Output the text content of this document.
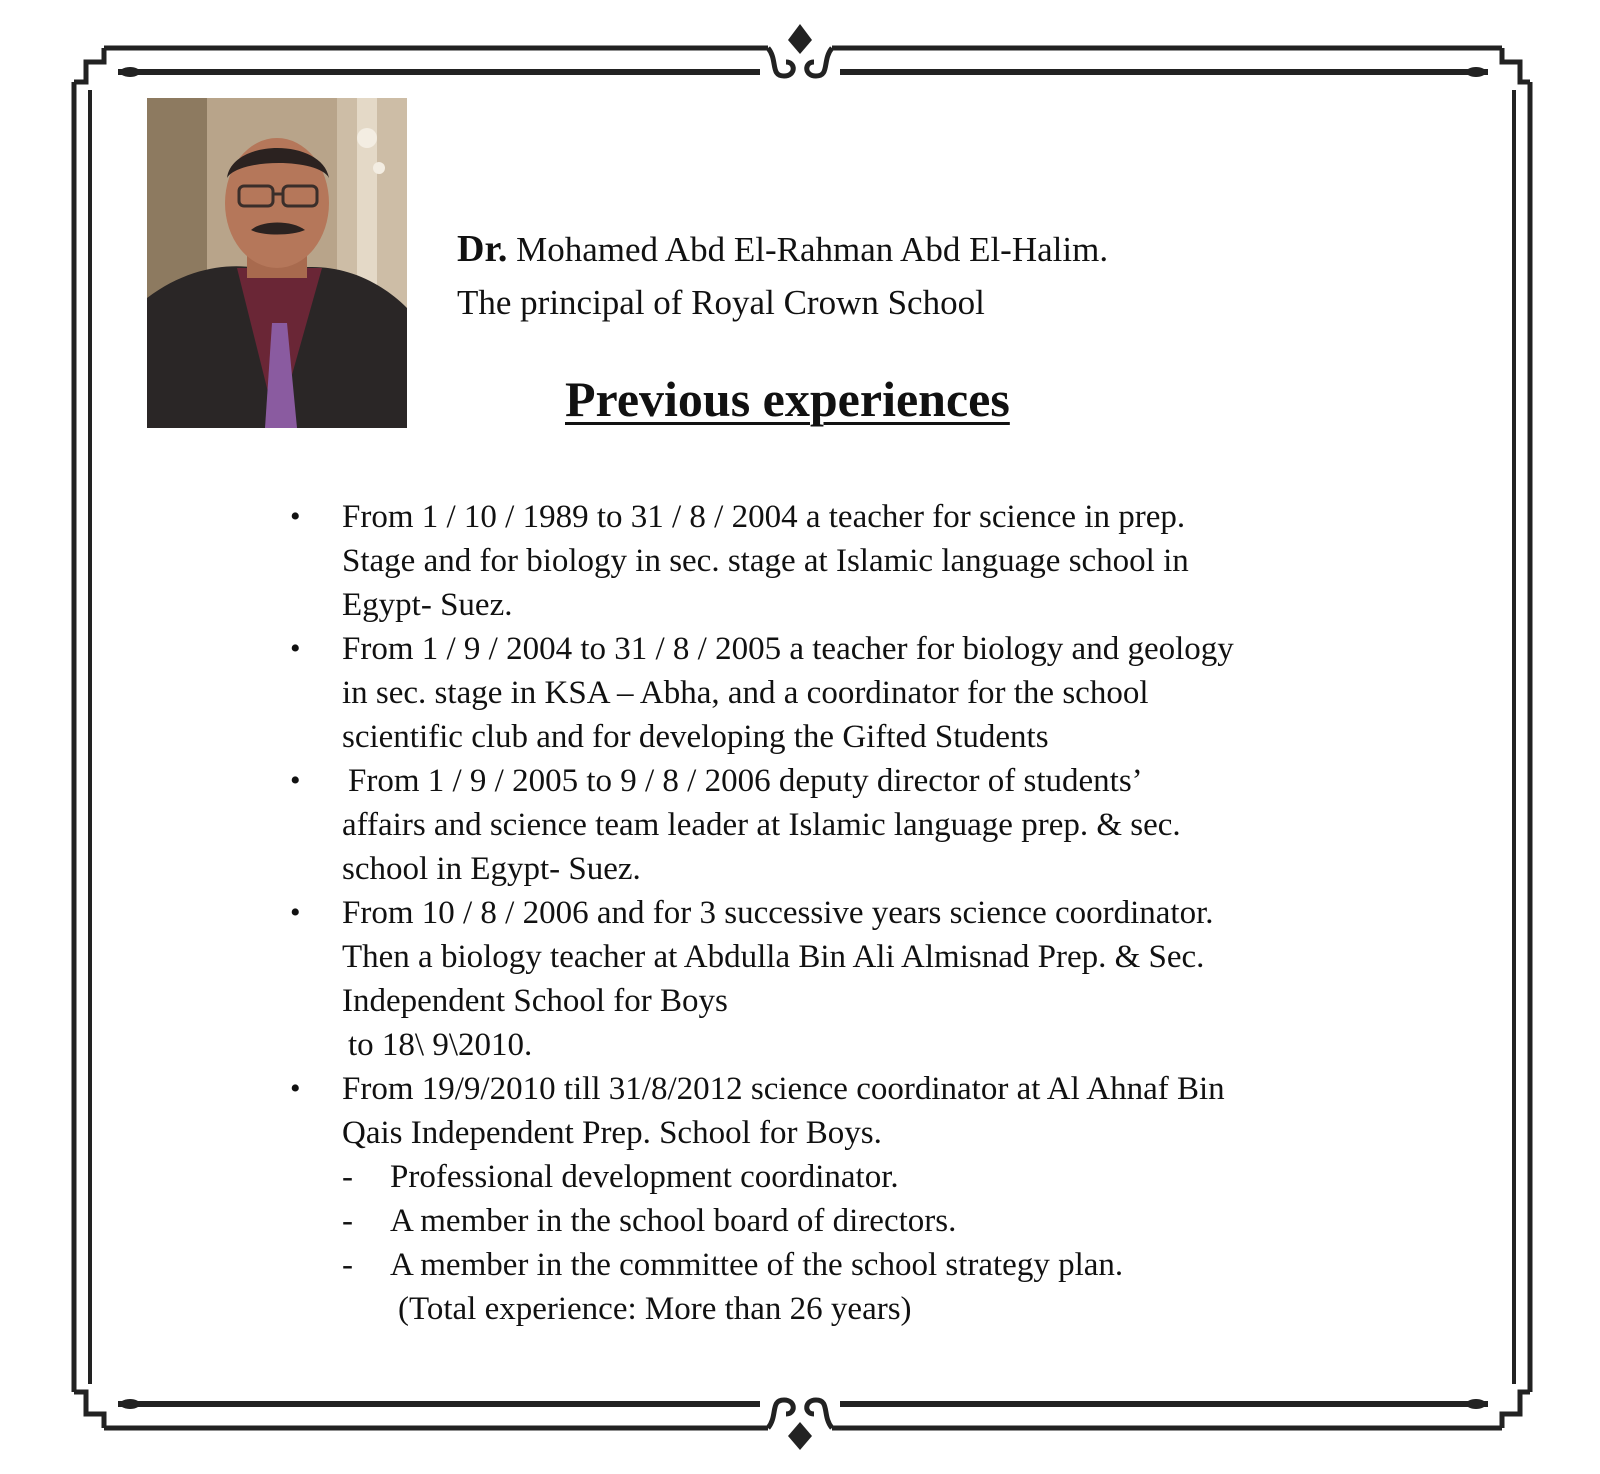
Dr. Mohamed Abd El-Rahman Abd El-Halim.
The principal of Royal Crown School
Previous experiences
• From 1 / 10 / 1989 to 31 / 8 / 2004 a teacher for science in prep.
Stage and for biology in sec. stage at Islamic language school in
Egypt- Suez.
• From 1 / 9 / 2004 to 31 / 8 / 2005 a teacher for biology and geology
in sec. stage in KSA – Abha, and a coordinator for the school
scientific club and for developing the Gifted Students
• From 1 / 9 / 2005 to 9 / 8 / 2006 deputy director of students’
affairs and science team leader at Islamic language prep. & sec.
school in Egypt- Suez.
• From 10 / 8 / 2006 and for 3 successive years science coordinator.
Then a biology teacher at Abdulla Bin Ali Almisnad Prep. & Sec.
Independent School for Boys
to 18\ 9\2010.
• From 19/9/2010 till 31/8/2012 science coordinator at Al Ahnaf Bin
Qais Independent Prep. School for Boys.
- Professional development coordinator.
- A member in the school board of directors.
- A member in the committee of the school strategy plan.
(Total experience: More than 26 years)
